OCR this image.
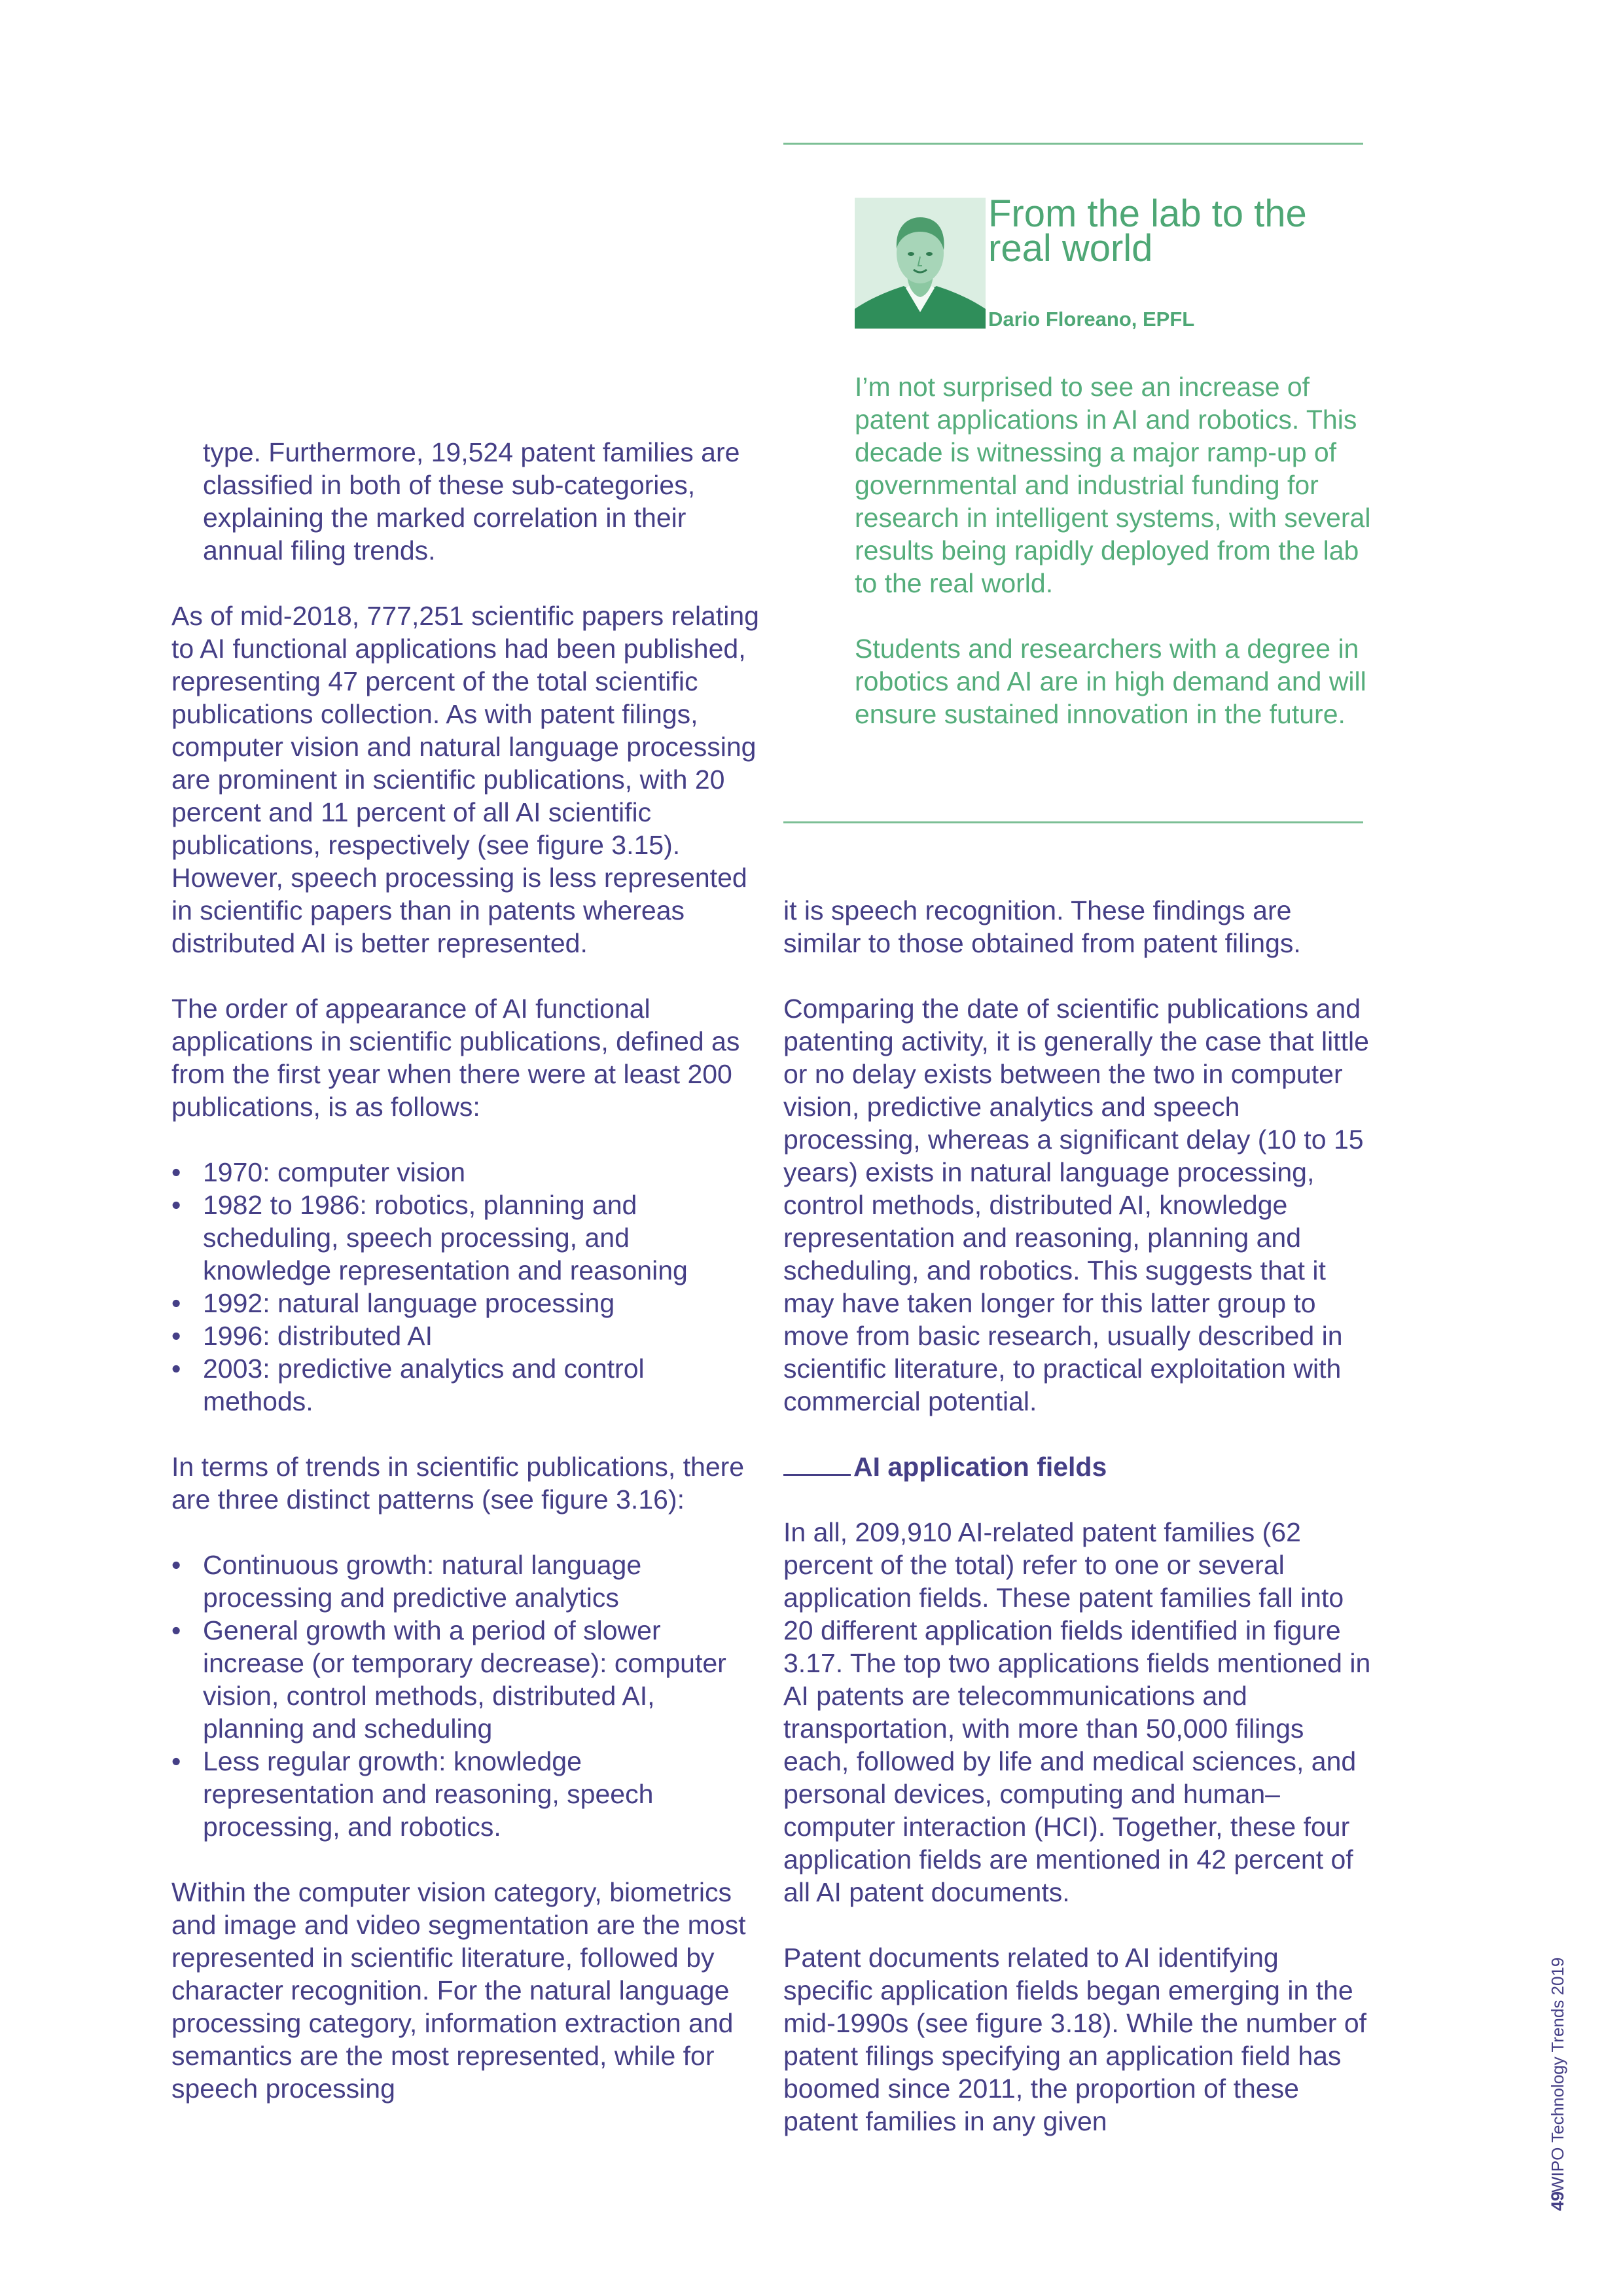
From the lab to the real world
Dario Floreano, EPFL

I’m not surprised to see an increase of patent applications in AI and robotics. This decade is witnessing a major ramp-up of governmental and industrial funding for research in intelligent systems, with several results being rapidly deployed from the lab to the real world.

Students and researchers with a degree in robotics and AI are in high demand and will ensure sustained innovation in the future.

type. Furthermore, 19,524 patent families are classified in both of these sub-categories, explaining the marked correlation in their annual filing trends.

As of mid-2018, 777,251 scientific papers relating to AI functional applications had been published, representing 47 percent of the total scientific publications collection. As with patent filings, computer vision and natural language processing are prominent in scientific publications, with 20 percent and 11 percent of all AI scientific publications, respectively (see figure 3.15). However, speech processing is less represented in scientific papers than in patents whereas distributed AI is better represented.

The order of appearance of AI functional applications in scientific publications, defined as from the first year when there were at least 200 publications, is as follows:

• 1970: computer vision
• 1982 to 1986: robotics, planning and scheduling, speech processing, and knowledge representation and reasoning
• 1992: natural language processing
• 1996: distributed AI
• 2003: predictive analytics and control methods.

In terms of trends in scientific publications, there are three distinct patterns (see figure 3.16):

• Continuous growth: natural language processing and predictive analytics
• General growth with a period of slower increase (or temporary decrease): computer vision, control methods, distributed AI, planning and scheduling
• Less regular growth: knowledge representation and reasoning, speech processing, and robotics.

Within the computer vision category, biometrics and image and video segmentation are the most represented in scientific literature, followed by character recognition. For the natural language processing category, information extraction and semantics are the most represented, while for speech processing

it is speech recognition. These findings are similar to those obtained from patent filings.

Comparing the date of scientific publications and patenting activity, it is generally the case that little or no delay exists between the two in computer vision, predictive analytics and speech processing, whereas a significant delay (10 to 15 years) exists in natural language processing, control methods, distributed AI, knowledge representation and reasoning, planning and scheduling, and robotics. This suggests that it may have taken longer for this latter group to move from basic research, usually described in scientific literature, to practical exploitation with commercial potential.

AI application fields

In all, 209,910 AI-related patent families (62 percent of the total) refer to one or several application fields. These patent families fall into 20 different application fields identified in figure 3.17. The top two applications fields mentioned in AI patents are telecommunications and transportation, with more than 50,000 filings each, followed by life and medical sciences, and personal devices, computing and human–computer interaction (HCI). Together, these four application fields are mentioned in 42 percent of all AI patent documents.

Patent documents related to AI identifying specific application fields began emerging in the mid-1990s (see figure 3.18). While the number of patent filings specifying an application field has boomed since 2011, the proportion of these patent families in any given	WIPO Technology Trends 2019
49
